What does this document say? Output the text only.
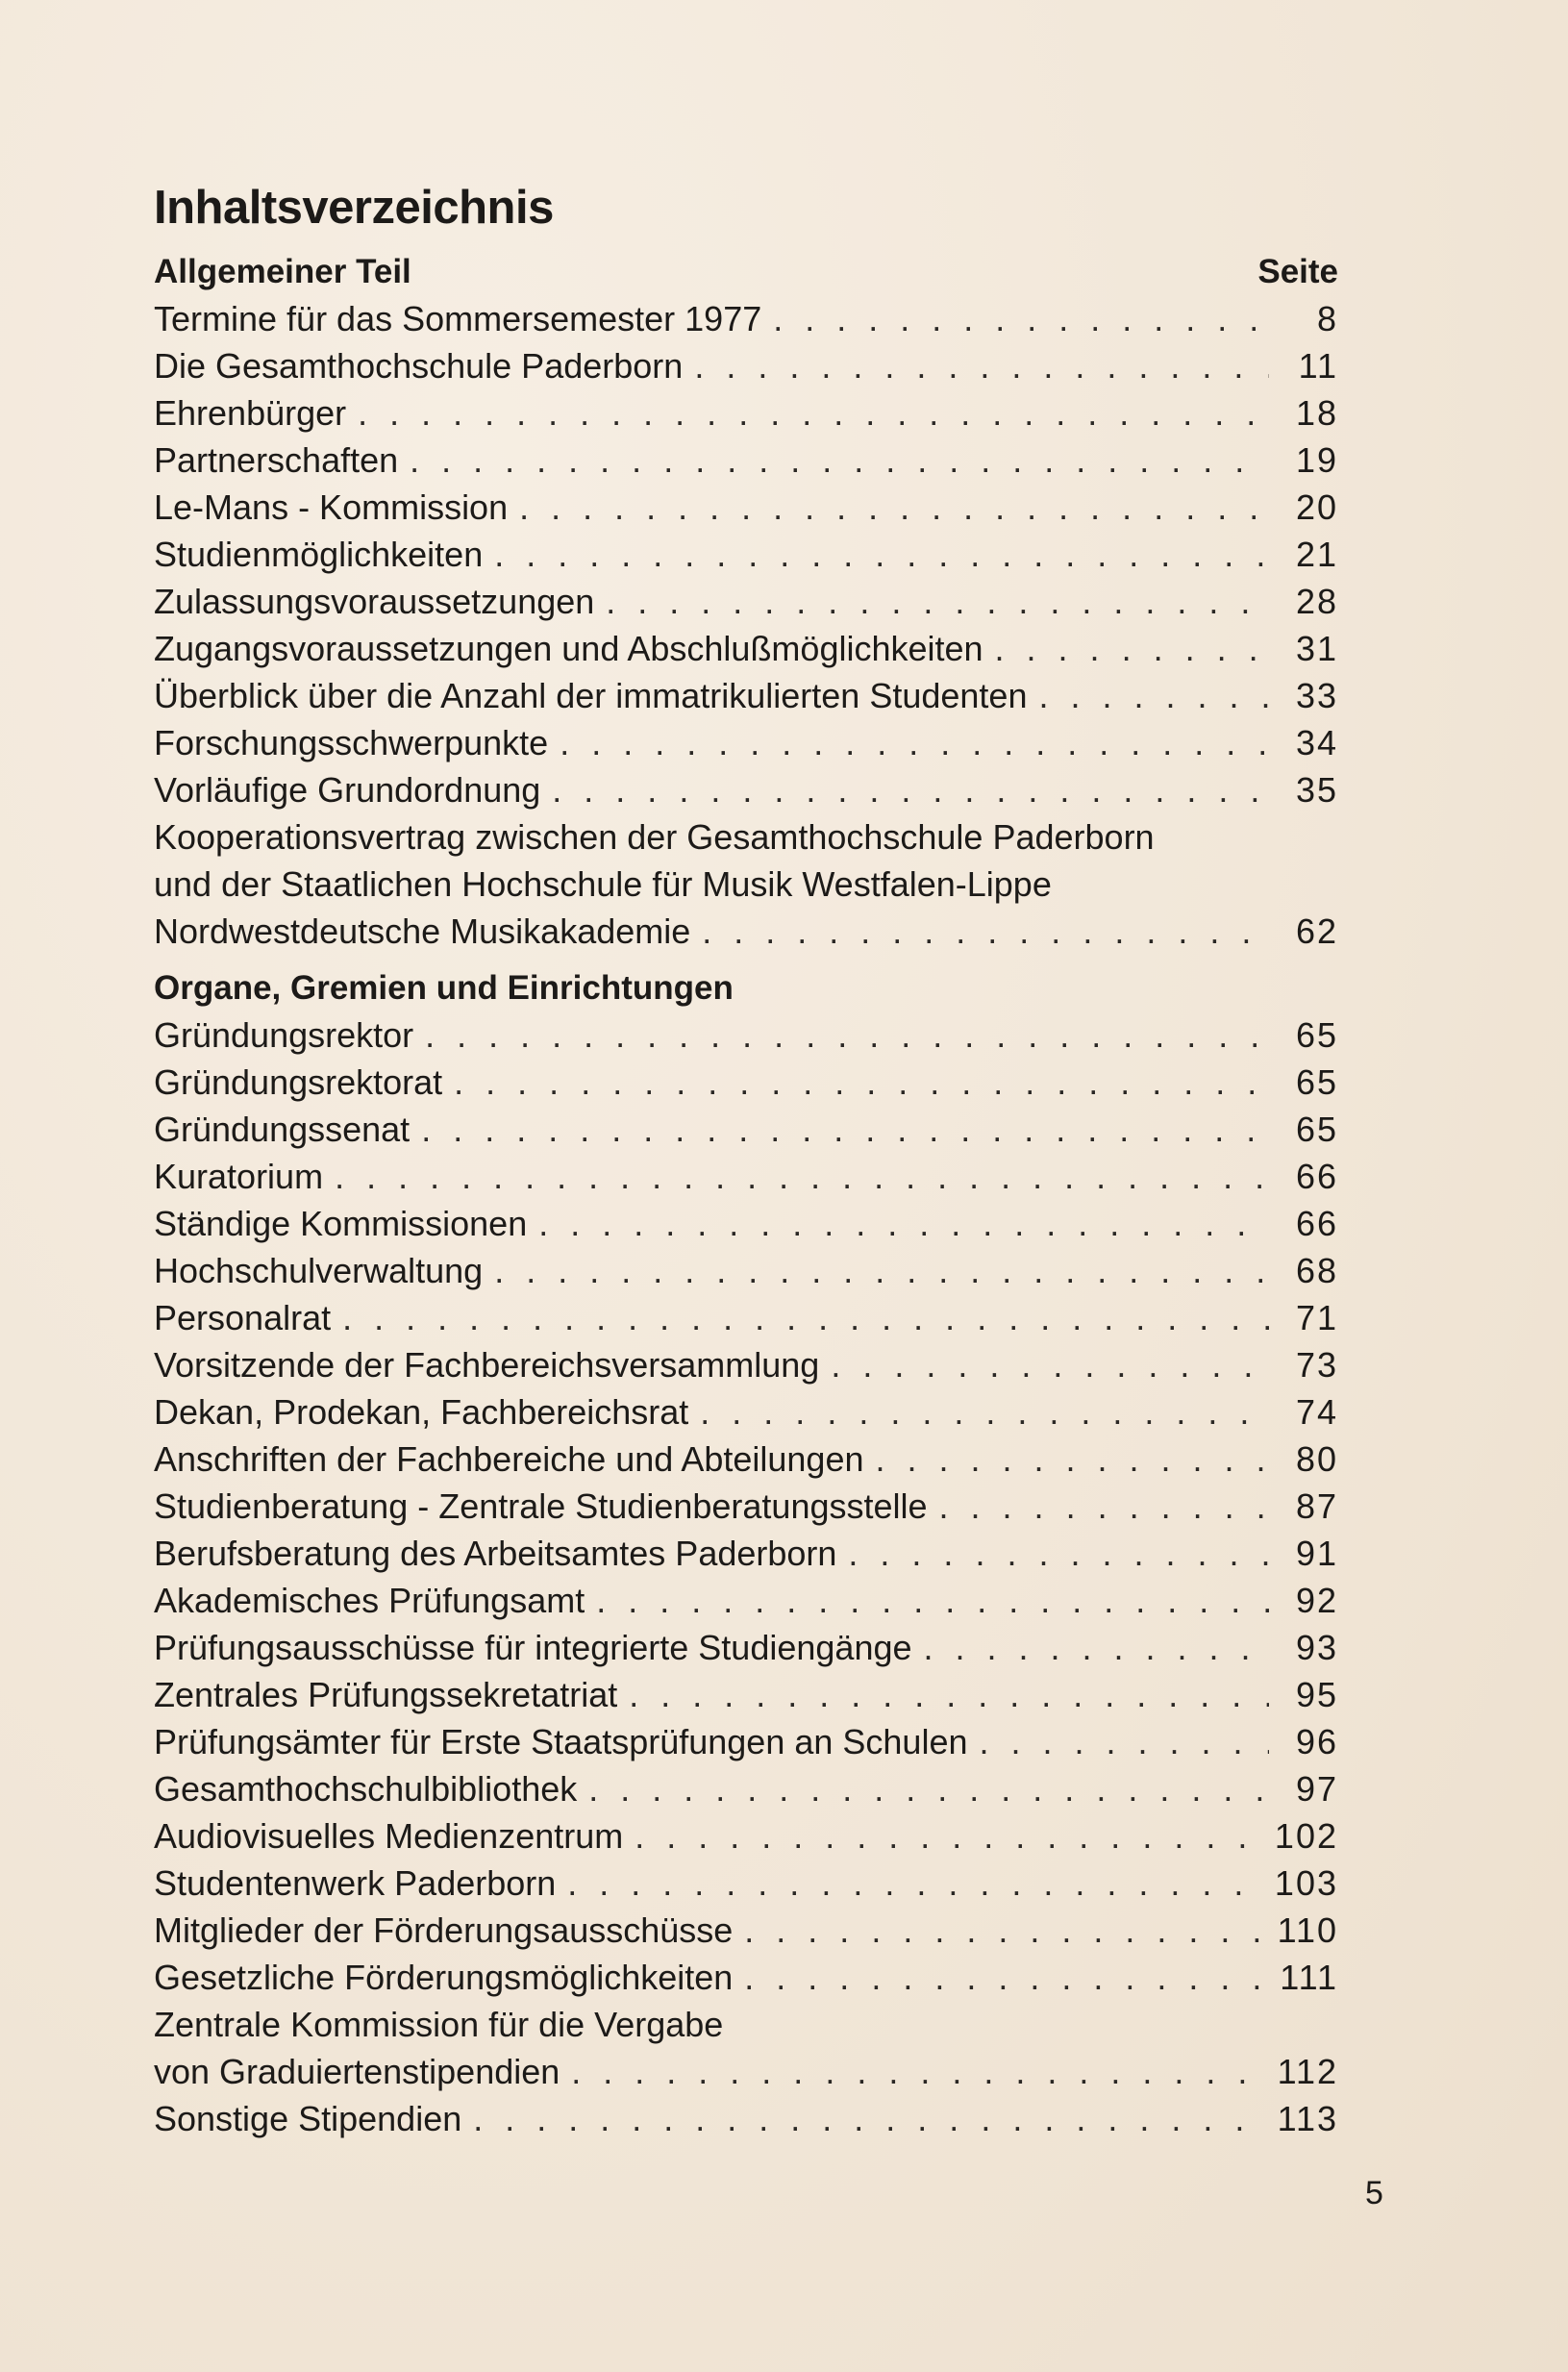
Inhaltsverzeichnis
Allgemeiner Teil	Seite
Termine für das Sommersemester 1977 . . .	8
Die Gesamthochschule Paderborn . . .	11
Ehrenbürger . . .	18
Partnerschaften . . .	19
Le-Mans - Kommission . . .	20
Studienmöglichkeiten . . .	21
Zulassungsvoraussetzungen . . .	28
Zugangsvoraussetzungen und Abschlußmöglichkeiten . . .	31
Überblick über die Anzahl der immatrikulierten Studenten . . .	33
Forschungsschwerpunkte . . .	34
Vorläufige Grundordnung . . .	35
Kooperationsvertrag zwischen der Gesamthochschule Paderborn
und der Staatlichen Hochschule für Musik Westfalen-Lippe
Nordwestdeutsche Musikakademie . . .	62
Organe, Gremien und Einrichtungen
Gründungsrektor . . .	65
Gründungsrektorat . . .	65
Gründungssenat . . .	65
Kuratorium . . .	66
Ständige Kommissionen . . .	66
Hochschulverwaltung . . .	68
Personalrat . . .	71
Vorsitzende der Fachbereichsversammlung . . .	73
Dekan, Prodekan, Fachbereichsrat . . .	74
Anschriften der Fachbereiche und Abteilungen . . .	80
Studienberatung - Zentrale Studienberatungsstelle . . .	87
Berufsberatung des Arbeitsamtes Paderborn . . .	91
Akademisches Prüfungsamt . . .	92
Prüfungsausschüsse für integrierte Studiengänge . . .	93
Zentrales Prüfungssekretatriat . . .	95
Prüfungsämter für Erste Staatsprüfungen an Schulen . . .	96
Gesamthochschulbibliothek . . .	97
Audiovisuelles Medienzentrum . . .	102
Studentenwerk Paderborn . . .	103
Mitglieder der Förderungsausschüsse . . .	110
Gesetzliche Förderungsmöglichkeiten . . .	111
Zentrale Kommission für die Vergabe
von Graduiertenstipendien . . .	112
Sonstige Stipendien . . .	113
5
